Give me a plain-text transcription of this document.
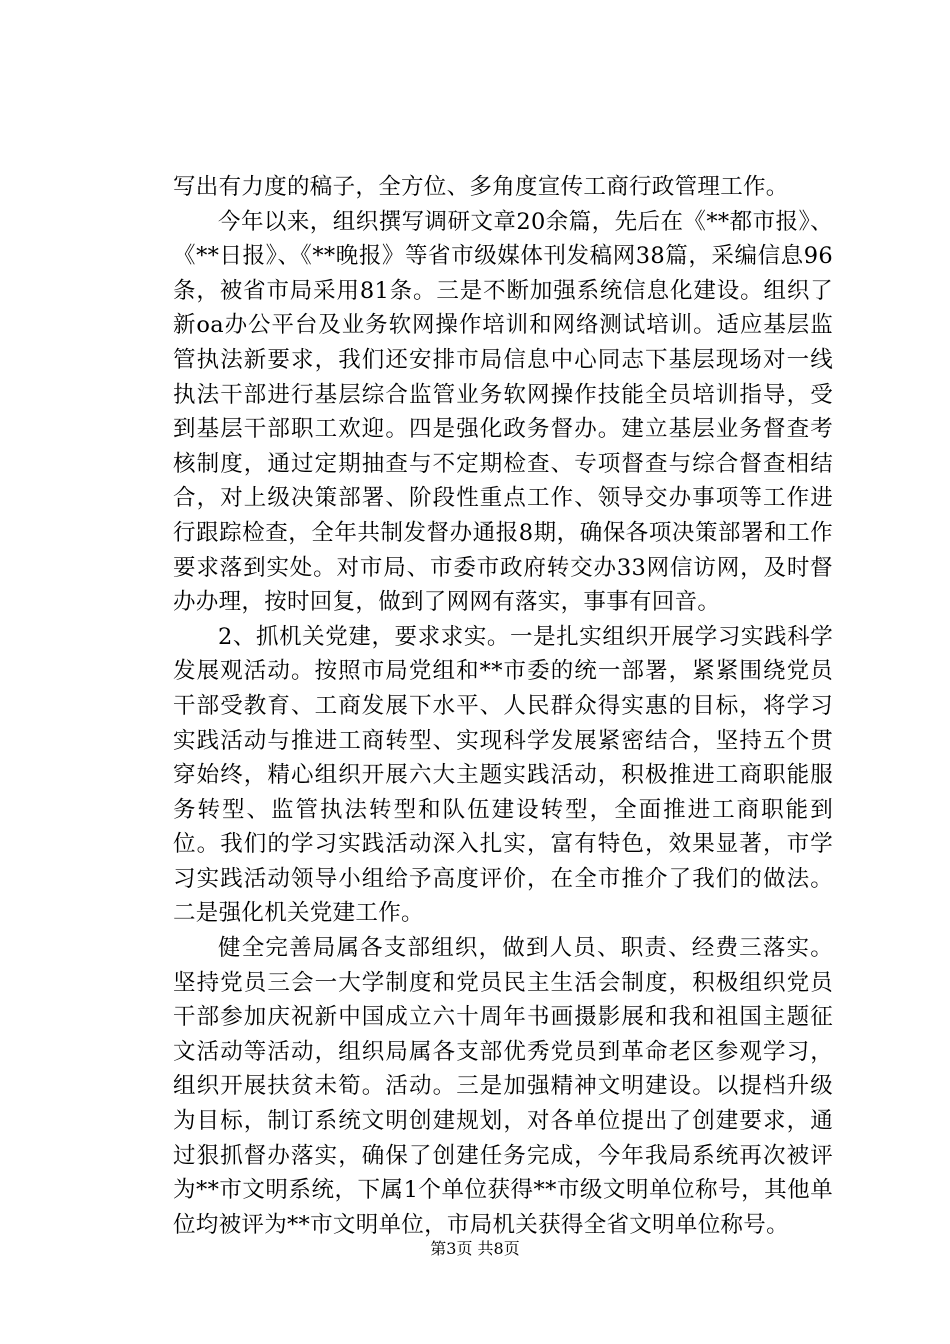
写出有力度的稿子，全方位、多角度宣传工商行政管理工作。

今年以来，组织撰写调研文章20余篇，先后在《**都市报》、《**日报》、《**晚报》等省市级媒体刊发稿网38篇，采编信息96条，被省市局采用81条。三是不断加强系统信息化建设。组织了新oa办公平台及业务软网操作培训和网络测试培训。适应基层监管执法新要求，我们还安排市局信息中心同志下基层现场对一线执法干部进行基层综合监管业务软网操作技能全员培训指导，受到基层干部职工欢迎。四是强化政务督办。建立基层业务督查考核制度，通过定期抽查与不定期检查、专项督查与综合督查相结合，对上级决策部署、阶段性重点工作、领导交办事项等工作进行跟踪检查，全年共制发督办通报8期，确保各项决策部署和工作要求落到实处。对市局、市委市政府转交办33网信访网，及时督办办理，按时回复，做到了网网有落实，事事有回音。

2、抓机关党建，要求求实。一是扎实组织开展学习实践科学发展观活动。按照市局党组和**市委的统一部署，紧紧围绕党员干部受教育、工商发展下水平、人民群众得实惠的目标，将学习实践活动与推进工商转型、实现科学发展紧密结合，坚持五个贯穿始终，精心组织开展六大主题实践活动，积极推进工商职能服务转型、监管执法转型和队伍建设转型，全面推进工商职能到位。我们的学习实践活动深入扎实，富有特色，效果显著，市学习实践活动领导小组给予高度评价，在全市推介了我们的做法。二是强化机关党建工作。

健全完善局属各支部组织，做到人员、职责、经费三落实。坚持党员三会一大学制度和党员民主生活会制度，积极组织党员干部参加庆祝新中国成立六十周年书画摄影展和我和祖国主题征文活动等活动，组织局属各支部优秀党员到革命老区参观学习，组织开展扶贫未筍。活动。三是加强精神文明建设。以提档升级为目标，制订系统文明创建规划，对各单位提出了创建要求，通过狠抓督办落实，确保了创建任务完成，今年我局系统再次被评为**市文明系统，下属1个单位获得**市级文明单位称号，其他单位均被评为**市文明单位，市局机关获得全省文明单位称号。

第3页 共8页
